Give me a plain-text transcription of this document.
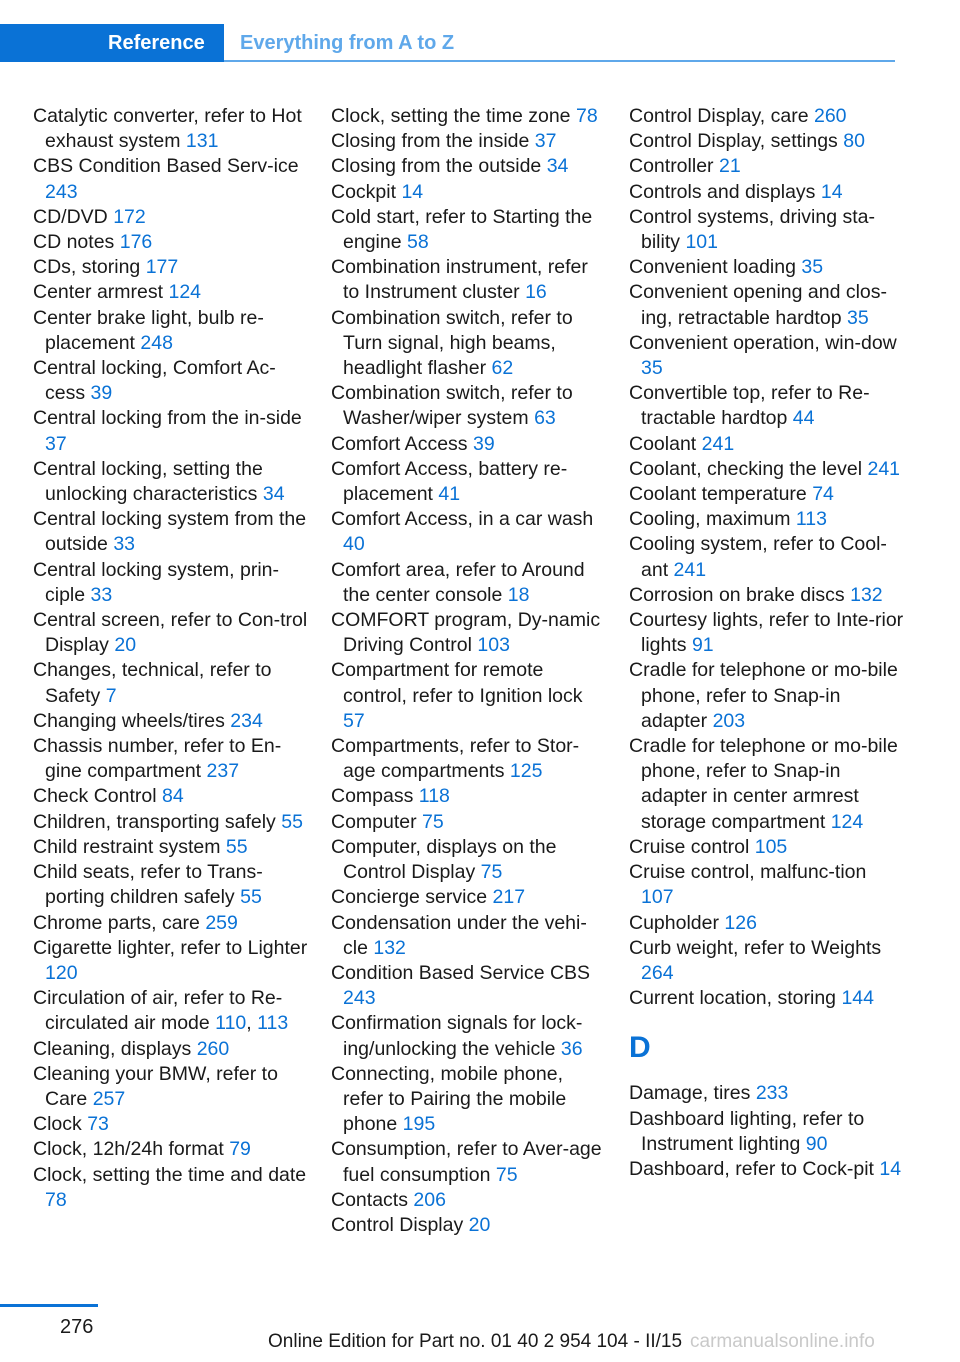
Reference Everything from A to Z
Catalytic converter, refer to Hot exhaust system 131
CBS Condition Based Serv-ice 243
CD/DVD 172
CD notes 176
CDs, storing 177
Center armrest 124
Center brake light, bulb re-placement 248
Central locking, Comfort Ac-cess 39
Central locking from the in-side 37
Central locking, setting the unlocking characteristics 34
Central locking system from the outside 33
Central locking system, prin-ciple 33
Central screen, refer to Con-trol Display 20
Changes, technical, refer to Safety 7
Changing wheels/tires 234
Chassis number, refer to En-gine compartment 237
Check Control 84
Children, transporting safely 55
Child restraint system 55
Child seats, refer to Trans-porting children safely 55
Chrome parts, care 259
Cigarette lighter, refer to Lighter 120
Circulation of air, refer to Re-circulated air mode 110, 113
Cleaning, displays 260
Cleaning your BMW, refer to Care 257
Clock 73
Clock, 12h/24h format 79
Clock, setting the time and date 78
Clock, setting the time zone 78
Closing from the inside 37
Closing from the outside 34
Cockpit 14
Cold start, refer to Starting the engine 58
Combination instrument, refer to Instrument cluster 16
Combination switch, refer to Turn signal, high beams, headlight flasher 62
Combination switch, refer to Washer/wiper system 63
Comfort Access 39
Comfort Access, battery re-placement 41
Comfort Access, in a car wash 40
Comfort area, refer to Around the center console 18
COMFORT program, Dy-namic Driving Control 103
Compartment for remote control, refer to Ignition lock 57
Compartments, refer to Stor-age compartments 125
Compass 118
Computer 75
Computer, displays on the Control Display 75
Concierge service 217
Condensation under the vehi-cle 132
Condition Based Service CBS 243
Confirmation signals for lock-ing/unlocking the vehicle 36
Connecting, mobile phone, refer to Pairing the mobile phone 195
Consumption, refer to Aver-age fuel consumption 75
Contacts 206
Control Display 20
Control Display, care 260
Control Display, settings 80
Controller 21
Controls and displays 14
Control systems, driving sta-bility 101
Convenient loading 35
Convenient opening and clos-ing, retractable hardtop 35
Convenient operation, win-dow 35
Convertible top, refer to Re-tractable hardtop 44
Coolant 241
Coolant, checking the level 241
Coolant temperature 74
Cooling, maximum 113
Cooling system, refer to Cool-ant 241
Corrosion on brake discs 132
Courtesy lights, refer to Inte-rior lights 91
Cradle for telephone or mo-bile phone, refer to Snap-in adapter 203
Cradle for telephone or mo-bile phone, refer to Snap-in adapter in center armrest storage compartment 124
Cruise control 105
Cruise control, malfunc-tion 107
Cupholder 126
Curb weight, refer to Weights 264
Current location, storing 144
D
Damage, tires 233
Dashboard lighting, refer to Instrument lighting 90
Dashboard, refer to Cock-pit 14
276
Online Edition for Part no. 01 40 2 954 104 - II/15 carmanualsonline.info
